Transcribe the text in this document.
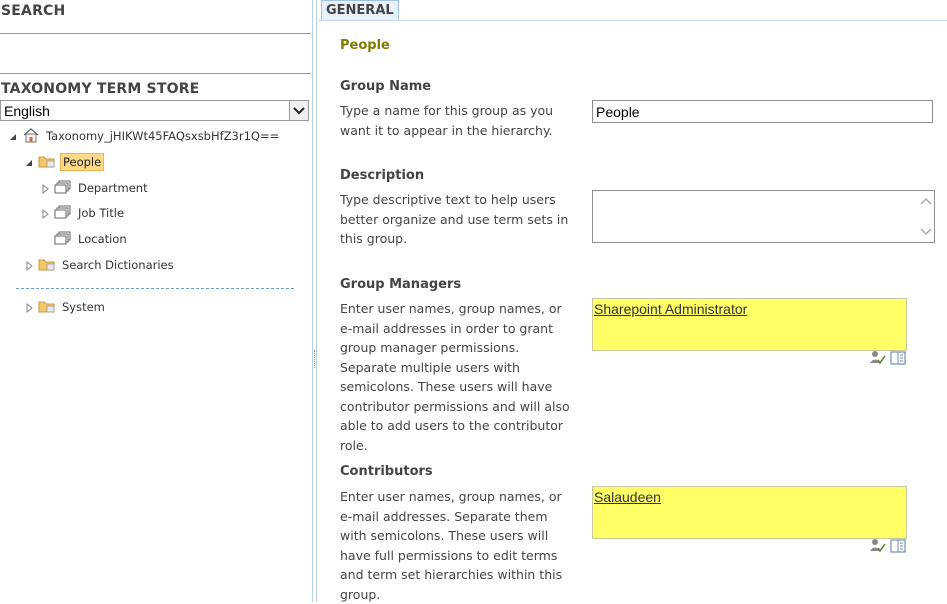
SEARCH
TAXONOMY TERM STORE
English
Taxonomy_jHIKWt45FAQsxsbHfZ3r1Q==
People
Department
Job Title
Location
Search Dictionaries
System
GENERAL
People
Group Name
Type a name for this group as you want it to appear in the hierarchy.
People
Description
Type descriptive text to help users better organize and use term sets in this group.
Group Managers
Enter user names, group names, or e-mail addresses in order to grant group manager permissions. Separate multiple users with semicolons. These users will have contributor permissions and will also able to add users to the contributor role.
Sharepoint Administrator
Contributors
Enter user names, group names, or e-mail addresses. Separate them with semicolons. These users will have full permissions to edit terms and term set hierarchies within this group.
Salaudeen
